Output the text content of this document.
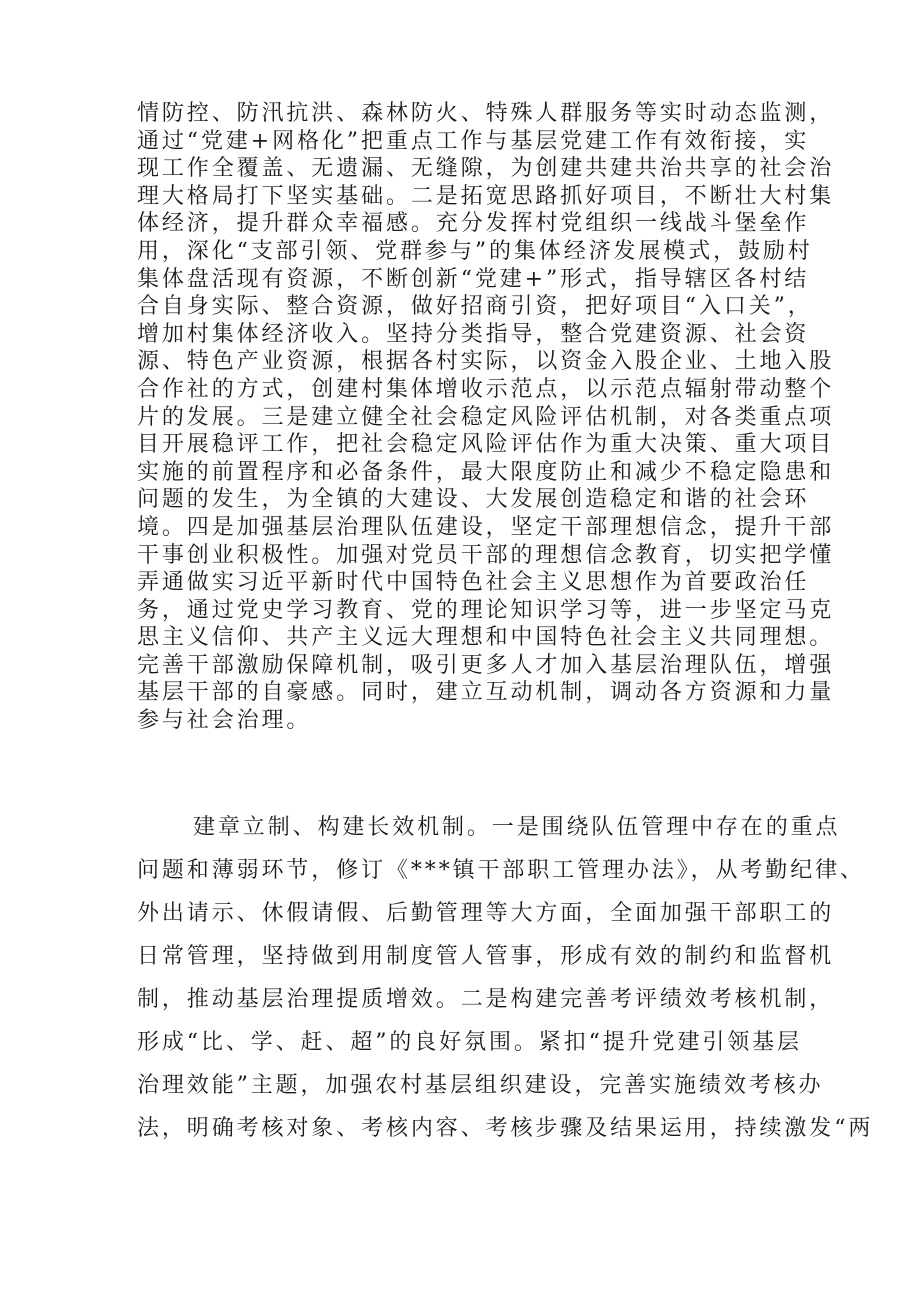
情防控、防汛抗洪、森林防火、特殊人群服务等实时动态监测，
通过“党建+网格化”把重点工作与基层党建工作有效衔接，实
现工作全覆盖、无遗漏、无缝隙，为创建共建共治共享的社会治
理大格局打下坚实基础。二是拓宽思路抓好项目，不断壮大村集
体经济，提升群众幸福感。充分发挥村党组织一线战斗堡垒作
用，深化“支部引领、党群参与”的集体经济发展模式，鼓励村
集体盘活现有资源，不断创新“党建+”形式，指导辖区各村结
合自身实际、整合资源，做好招商引资，把好项目“入口关”，
增加村集体经济收入。坚持分类指导，整合党建资源、社会资
源、特色产业资源，根据各村实际，以资金入股企业、土地入股
合作社的方式，创建村集体增收示范点，以示范点辐射带动整个
片的发展。三是建立健全社会稳定风险评估机制，对各类重点项
目开展稳评工作，把社会稳定风险评估作为重大决策、重大项目
实施的前置程序和必备条件，最大限度防止和减少不稳定隐患和
问题的发生，为全镇的大建设、大发展创造稳定和谐的社会环
境。四是加强基层治理队伍建设，坚定干部理想信念，提升干部
干事创业积极性。加强对党员干部的理想信念教育，切实把学懂
弄通做实习近平新时代中国特色社会主义思想作为首要政治任
务，通过党史学习教育、党的理论知识学习等，进一步坚定马克
思主义信仰、共产主义远大理想和中国特色社会主义共同理想。
完善干部激励保障机制，吸引更多人才加入基层治理队伍，增强
基层干部的自豪感。同时，建立互动机制，调动各方资源和力量
参与社会治理。

建章立制、构建长效机制。一是围绕队伍管理中存在的重点
问题和薄弱环节，修订《***镇干部职工管理办法》，从考勤纪律、
外出请示、休假请假、后勤管理等大方面，全面加强干部职工的
日常管理，坚持做到用制度管人管事，形成有效的制约和监督机
制，推动基层治理提质增效。二是构建完善考评绩效考核机制，
形成“比、学、赶、超”的良好氛围。紧扣“提升党建引领基层
治理效能”主题，加强农村基层组织建设，完善实施绩效考核办
法，明确考核对象、考核内容、考核步骤及结果运用，持续激发“两
